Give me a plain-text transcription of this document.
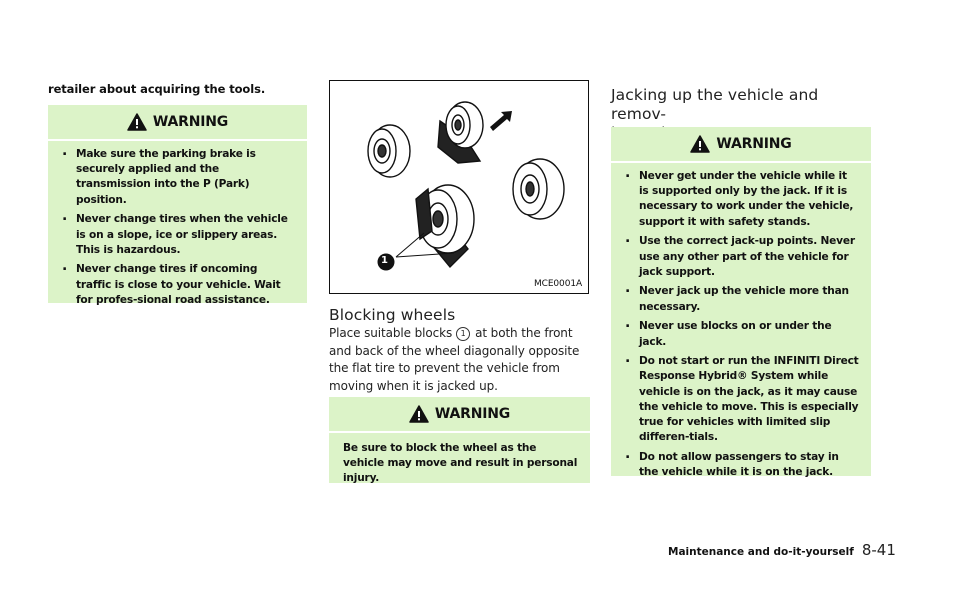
retailer about acquiring the tools.
WARNING
. Make sure the parking brake is securely applied and the transmission into the P (Park) position.
. Never change tires when the vehicle is on a slope, ice or slippery areas. This is hazardous.
. Never change tires if oncoming traffic is close to your vehicle. Wait for profes-sional road assistance.
1
MCE0001A
Blocking wheels
Place suitable blocks 1 at both the front and back of the wheel diagonally opposite the flat tire to prevent the vehicle from moving when it is jacked up.
WARNING
Be sure to block the wheel as the vehicle may move and result in personal injury.
Jacking up the vehicle and remov-
WARNING
. Never get under the vehicle while it is supported only by the jack. If it is necessary to work under the vehicle, support it with safety stands.
. Use the correct jack-up points. Never use any other part of the vehicle for jack support.
. Never jack up the vehicle more than necessary.
. Never use blocks on or under the jack.
. Do not start or run the INFINITI Direct Response Hybrid® System while vehicle is on the jack, as it may cause the vehicle to move. This is especially true for vehicles with limited slip differen-tials.
. Do not allow passengers to stay in the vehicle while it is on the jack.
Maintenance and do-it-yourself 8-41
